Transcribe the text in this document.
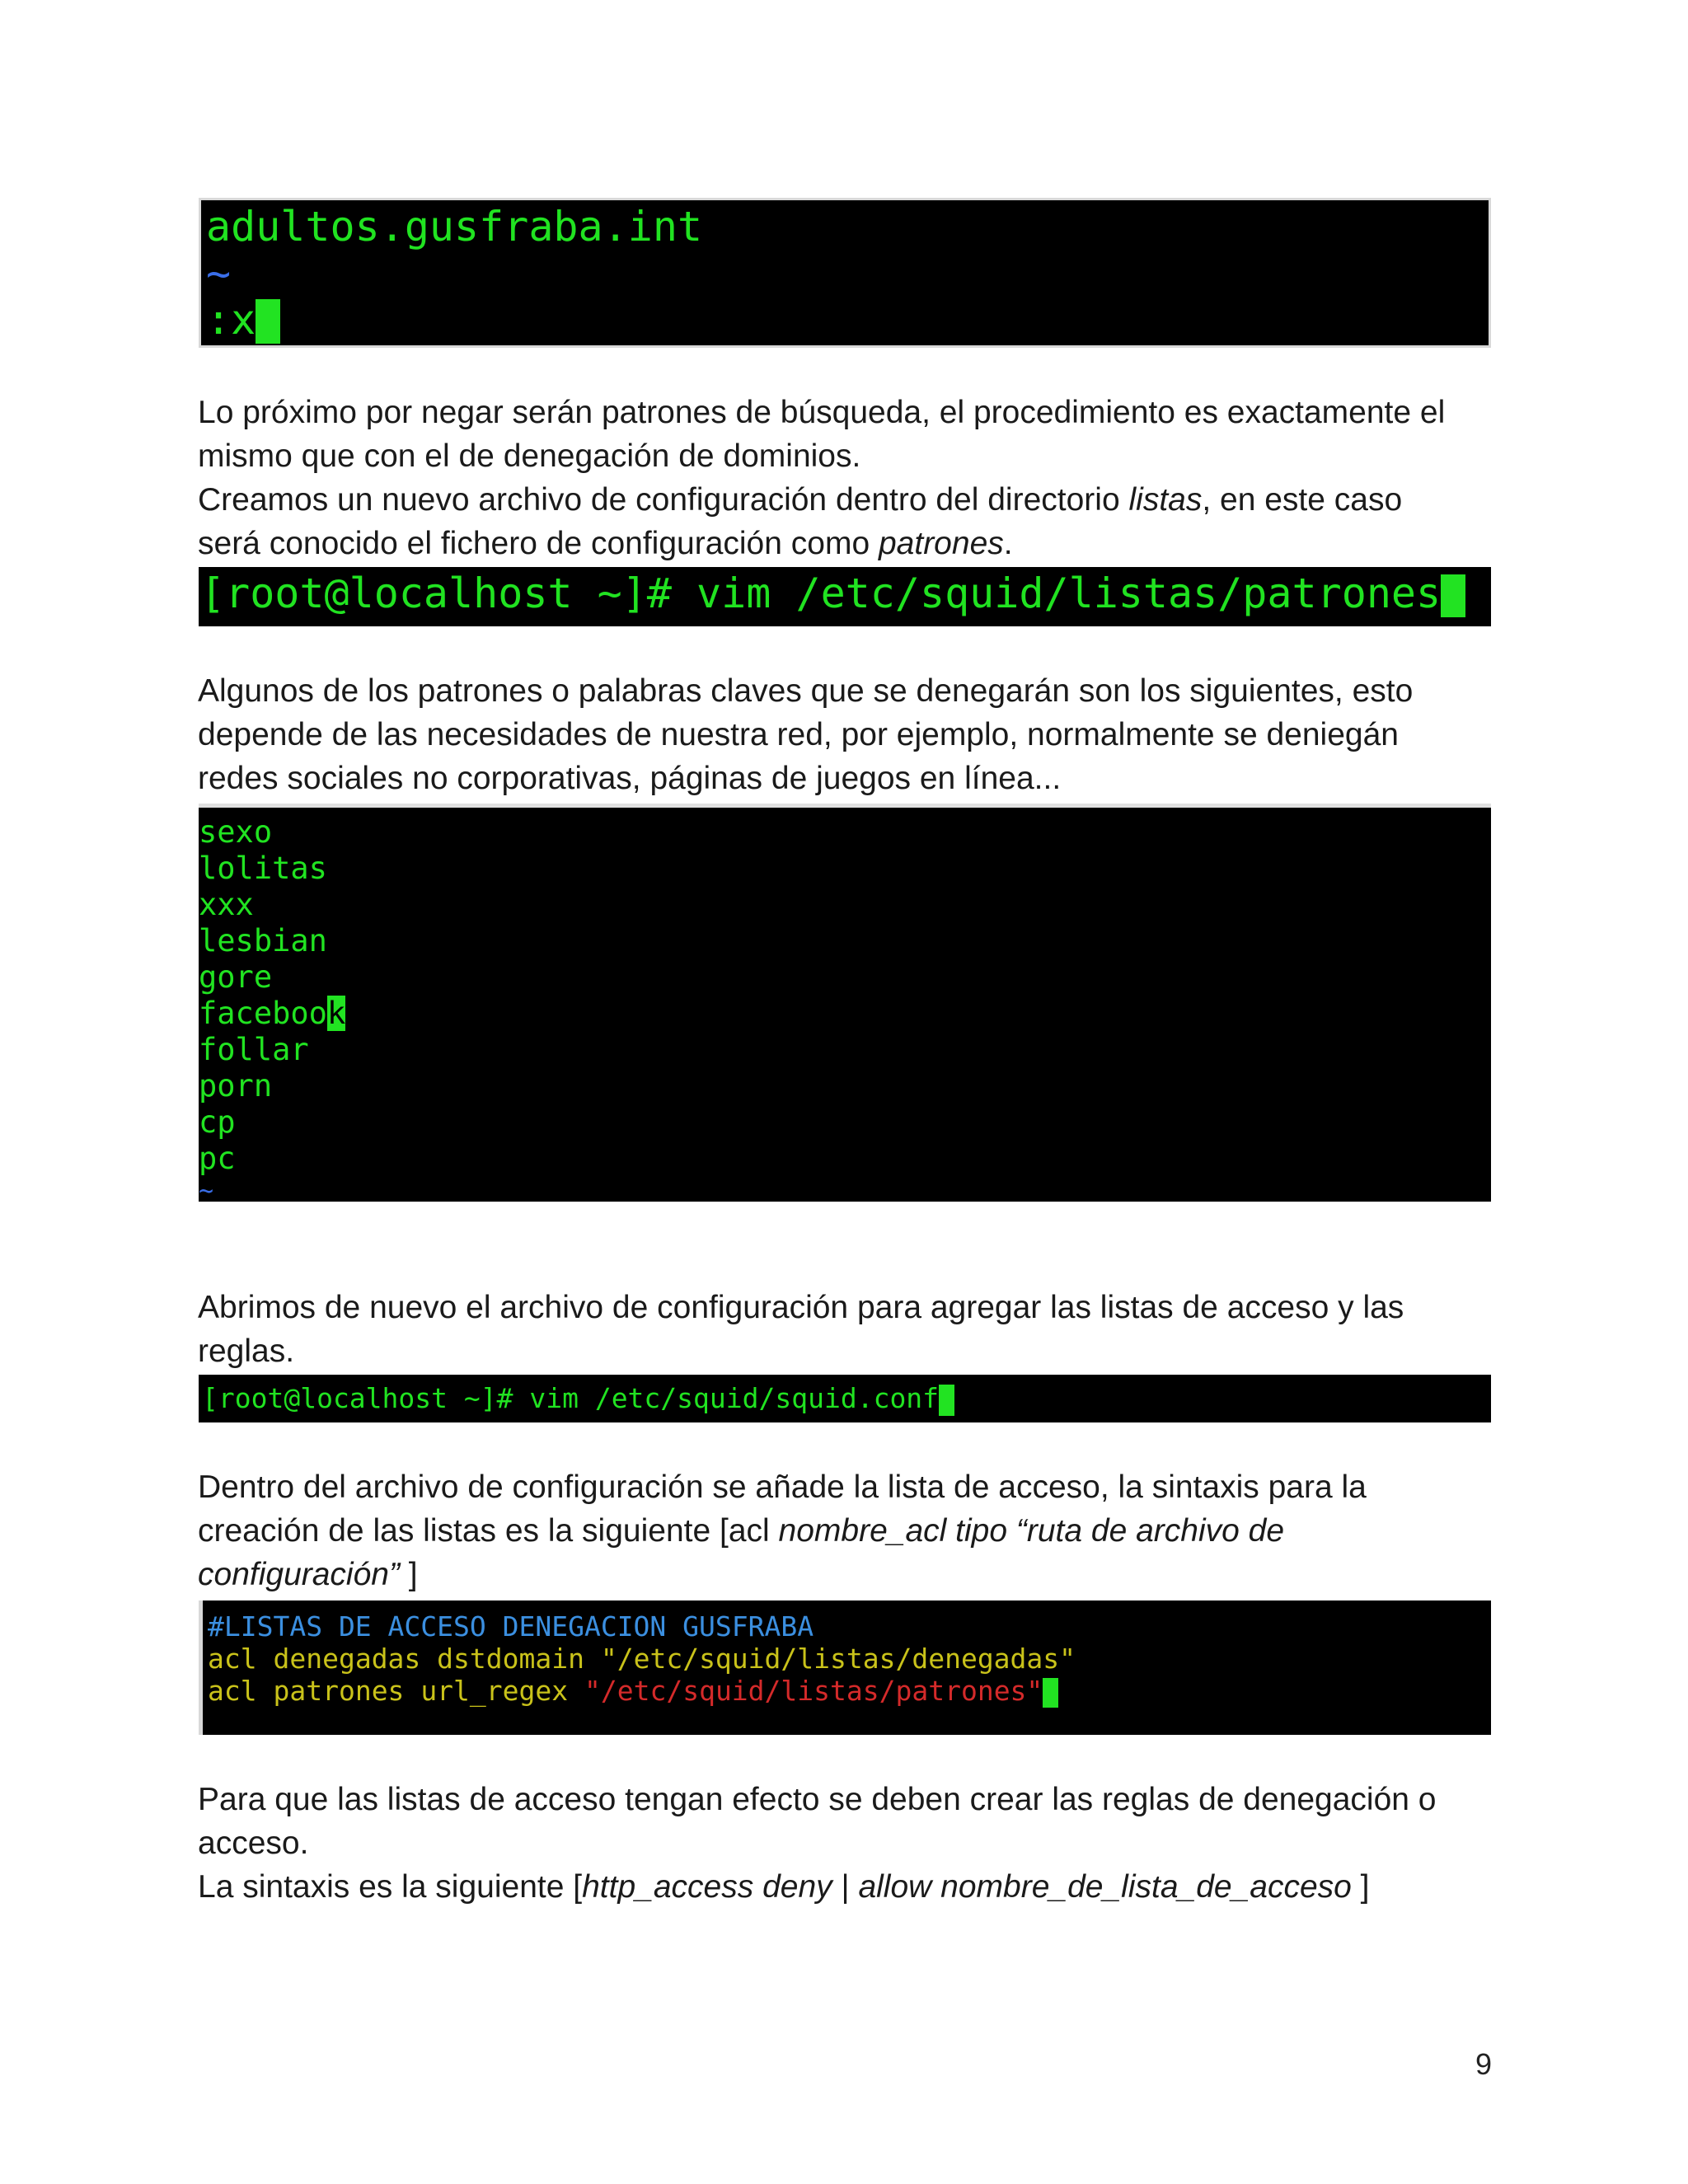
adultos.gusfraba.int
~
:x

Lo próximo por negar serán patrones de búsqueda, el procedimiento es exactamente el

mismo que con el de denegación de dominios.

Creamos un nuevo archivo de configuración dentro del directorio listas, en este caso

será conocido el fichero de configuración como patrones.

[root@localhost ~]# vim /etc/squid/listas/patrones

Algunos de los patrones o palabras claves que se denegarán son los siguientes, esto

depende de las necesidades de nuestra red, por ejemplo, normalmente se deniegán

redes sociales no corporativas, páginas de juegos en línea...

sexo
lolitas
xxx
lesbian
gore
facebook
follar
porn
cp
pc
~

Abrimos de nuevo el archivo de configuración para agregar las listas de acceso y las

reglas.

[root@localhost ~]# vim /etc/squid/squid.conf

Dentro del archivo de configuración se añade la lista de acceso, la sintaxis para la

creación de las listas es la siguiente [acl nombre_acl tipo “ruta de archivo de

configuración” ]

#LISTAS DE ACCESO DENEGACION GUSFRABA
acl denegadas dstdomain "/etc/squid/listas/denegadas"
acl patrones url_regex "/etc/squid/listas/patrones"

Para que las listas de acceso tengan efecto se deben crear las reglas de denegación o

acceso.

La sintaxis es la siguiente [http_access deny | allow nombre_de_lista_de_acceso ]

9
